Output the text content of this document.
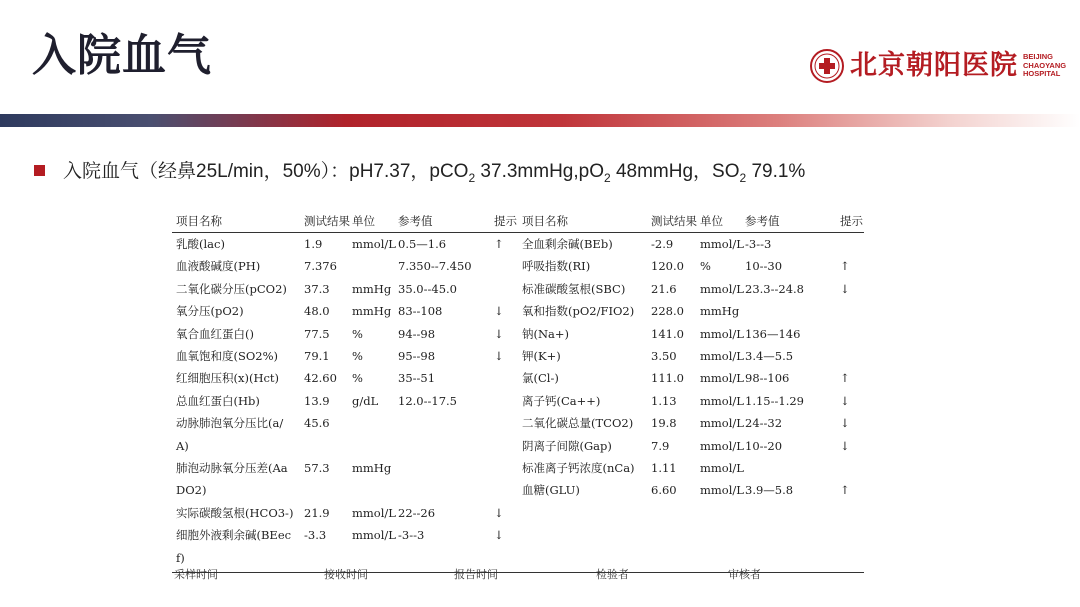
入院血气	北京朝阳医院 BEIJING
CHAOYANG
HOSPITAL
入院血气（经鼻25L/min，50%）：pH7.37，pCO$_2$ $37.3mmHg,pO_2$ 48mmHg，$SO_2$ 79.1%
项目名称	测试结果 单位 参考值	提示 项目名称	测试结果 单位 参考值	提示
采样时间	接收时间	报告时间	检验者	审核者
乳酸(lac)	1.9	mmol/L 0.5—1.6	↑
血液酸碱度(PH)	7.376	7.350--7.450
二氧化碳分压(pCO2) 37.3 mmHg 35.0--45.0
氧分压(pO2)	48.0 mmHg 83--108	↓
氧合血红蛋白()	77.5 %	94--98	↓
血氧饱和度(SO2%) 79.1 %	95--98	↓
红细胞压积(x)(Hct) 42.60 %	35--51
总血红蛋白(Hb)	13.9 g/dL 12.0--17.5
动脉肺泡氧分压比(a/ 45.6
A)
肺泡动脉氧分压差(Aa 57.3 mmHg
DO2)
实际碳酸氢根(HCO3-) 21.9 mmol/L 22--26	↓
细胞外液剩余碱(BEec -3.3 mmol/L -3--3	↓
f)
全血剩余碱(BEb)	-2.9 mmol/L -3--3
呼吸指数(RI)	120.0 %	10--30	↑
标准碳酸氢根(SBC) 21.6 mmol/L 23.3--24.8	↓
氧和指数(pO2/FIO2) 228.0 mmHg
钠(Na+)	141.0 mmol/L 136—146
钾(K+)	3.50 mmol/L 3.4—5.5
氯(Cl-)	111.0 mmol/L 98--106	↑
离子钙(Ca++)	1.13 mmol/L 1.15--1.29	↓
二氧化碳总量(TCO2) 19.8 mmol/L 24--32	↓
阴离子间隙(Gap)	7.9	mmol/L 10--20	↓
标准离子钙浓度(nCa) 1.11 mmol/L
血糖(GLU)	6.60 mmol/L 3.9—5.8	↑
